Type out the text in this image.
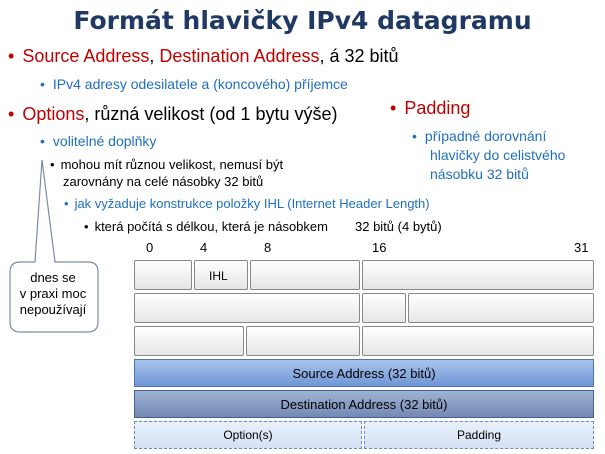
Formát hlavičky IPv4 datagramu
• Source Address, Destination Address, á 32 bitů
• IPv4 adresy odesilatele a (koncového) příjemce
• Options, různá velikost (od 1 bytu výše)
• volitelné doplňky
• mohou mít různou velikost, nemusí být
zarovnány na celé násobky 32 bitů
• jak vyžaduje konstrukce položky IHL (Internet Header Length)
• která počítá s délkou, která je násobkem 32 bitů (4 bytů)
• Padding
• případné dorovnání
hlavičky do celistvého
násobku 32 bitů
dnes se
v praxi moc
nepoužívají
0	4	8	16	31
IHL
Source Address (32 bitů)
Destination Address (32 bitů)
Option(s)	Padding
